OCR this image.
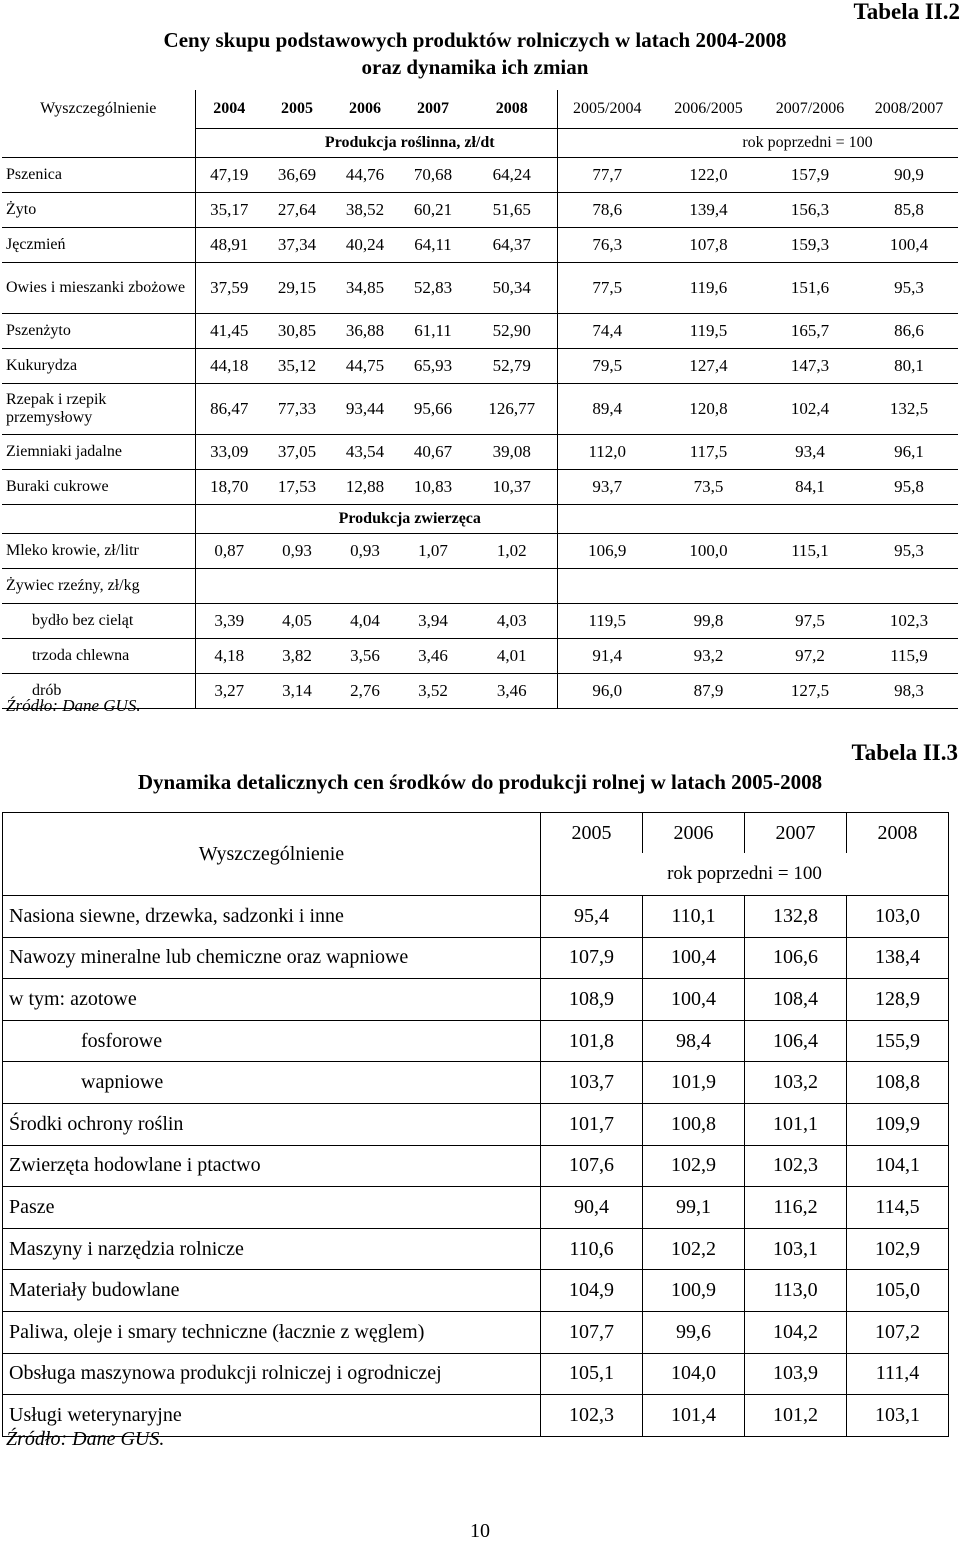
Tabela II.2
Ceny skupu podstawowych produktów rolniczych w latach 2004-2008
oraz dynamika ich zmian
Wyszczególnienie	2004	2005	2006	2007	2008	2005/2004	2006/2005	2007/2006	2008/2007
		Produkcja roślinna, zł/dt					rok poprzedni = 100		
Pszenica	47,19	36,69	44,76	70,68	64,24	77,7	122,0	157,9	90,9
Żyto	35,17	27,64	38,52	60,21	51,65	78,6	139,4	156,3	85,8
Jęczmień	48,91	37,34	40,24	64,11	64,37	76,3	107,8	159,3	100,4
Owies i mieszanki zbożowe	37,59	29,15	34,85	52,83	50,34	77,5	119,6	151,6	95,3
Pszenżyto	41,45	30,85	36,88	61,11	52,90	74,4	119,5	165,7	86,6
Kukurydza	44,18	35,12	44,75	65,93	52,79	79,5	127,4	147,3	80,1
Rzepak i rzepik przemysłowy	86,47	77,33	93,44	95,66	126,77	89,4	120,8	102,4	132,5
Ziemniaki jadalne	33,09	37,05	43,54	40,67	39,08	112,0	117,5	93,4	96,1
Buraki cukrowe	18,70	17,53	12,88	10,83	10,37	93,7	73,5	84,1	95,8
		Produkcja zwierzęca							
Mleko krowie, zł/litr	0,87	0,93	0,93	1,07	1,02	106,9	100,0	115,1	95,3
Żywiec rzeźny, zł/kg									
bydło bez cieląt	3,39	4,05	4,04	3,94	4,03	119,5	99,8	97,5	102,3
trzoda chlewna	4,18	3,82	3,56	3,46	4,01	91,4	93,2	97,2	115,9
drób	3,27	3,14	2,76	3,52	3,46	96,0	87,9	127,5	98,3
Źródło: Dane GUS.
Tabela II.3
Dynamika detalicznych cen środków do produkcji rolnej w latach 2005-2008
Wyszczególnienie	2005	2006	2007	2008
	rok poprzedni = 100			
Nasiona siewne, drzewka, sadzonki i inne	95,4	110,1	132,8	103,0
Nawozy mineralne lub chemiczne oraz wapniowe	107,9	100,4	106,6	138,4
w tym: azotowe	108,9	100,4	108,4	128,9
fosforowe	101,8	98,4	106,4	155,9
wapniowe	103,7	101,9	103,2	108,8
Środki ochrony roślin	101,7	100,8	101,1	109,9
Zwierzęta hodowlane i ptactwo	107,6	102,9	102,3	104,1
Pasze	90,4	99,1	116,2	114,5
Maszyny i narzędzia rolnicze	110,6	102,2	103,1	102,9
Materiały budowlane	104,9	100,9	113,0	105,0
Paliwa, oleje i smary techniczne (łacznie z węglem)	107,7	99,6	104,2	107,2
Obsługa maszynowa produkcji rolniczej i ogrodniczej	105,1	104,0	103,9	111,4
Usługi weterynaryjne	102,3	101,4	101,2	103,1
Źródło: Dane GUS.
10
